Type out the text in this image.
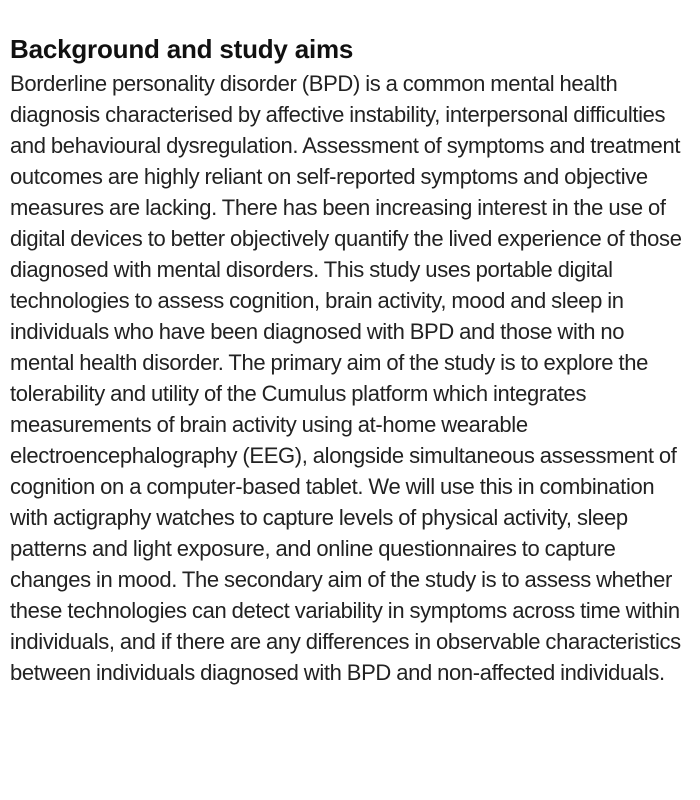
Background and study aims

Borderline personality disorder (BPD) is a common mental health diagnosis characterised by affective instability, interpersonal difficulties and behavioural dysregulation. Assessment of symptoms and treatment outcomes are highly reliant on self-reported symptoms and objective measures are lacking. There has been increasing interest in the use of digital devices to better objectively quantify the lived experience of those diagnosed with mental disorders. This study uses portable digital technologies to assess cognition, brain activity, mood and sleep in individuals who have been diagnosed with BPD and those with no mental health disorder. The primary aim of the study is to explore the tolerability and utility of the Cumulus platform which integrates measurements of brain activity using at-home wearable electroencephalography (EEG), alongside simultaneous assessment of cognition on a computer-based tablet. We will use this in combination with actigraphy watches to capture levels of physical activity, sleep patterns and light exposure, and online questionnaires to capture changes in mood. The secondary aim of the study is to assess whether these technologies can detect variability in symptoms across time within individuals, and if there are any differences in observable characteristics between individuals diagnosed with BPD and non-affected individuals.
